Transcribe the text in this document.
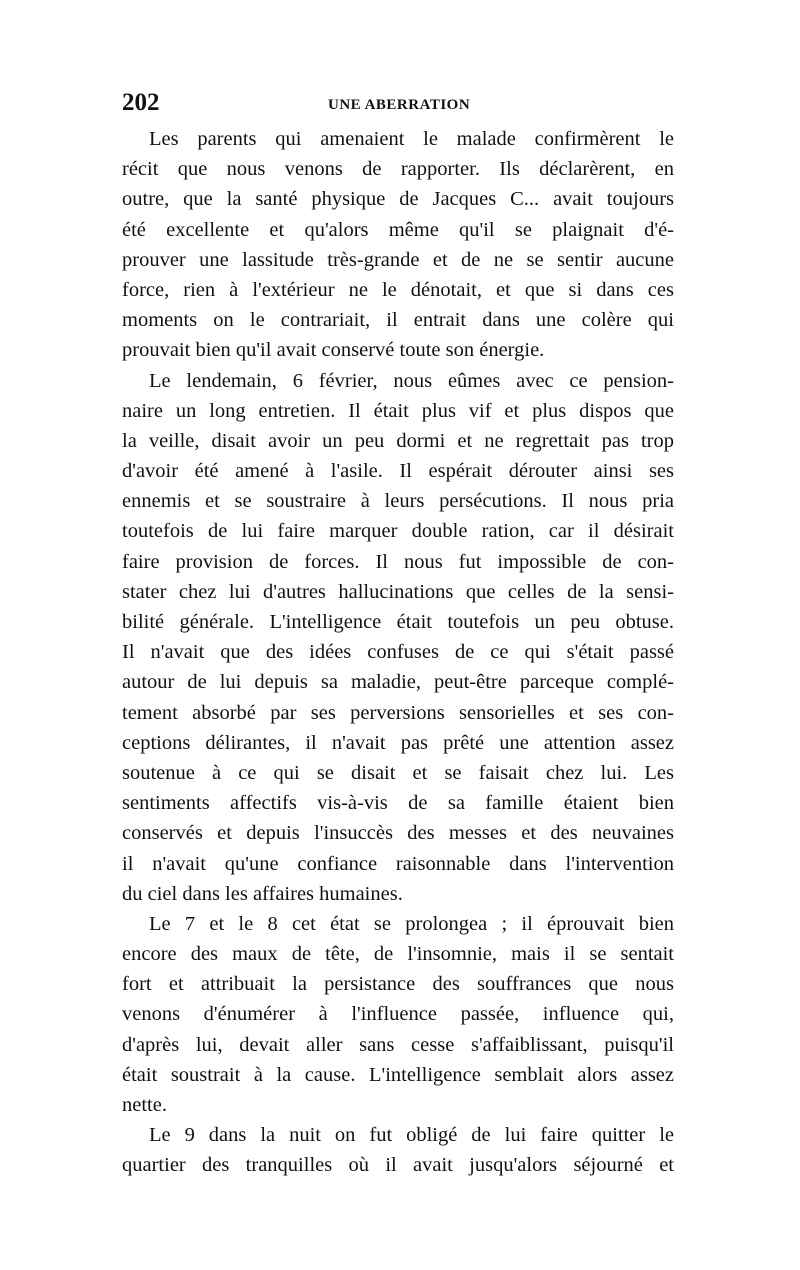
202	UNE ABERRATION

Les parents qui amenaient le malade confirmèrent le
récit que nous venons de rapporter. Ils déclarèrent, en
outre, que la santé physique de Jacques C... avait toujours
été excellente et qu'alors même qu'il se plaignait d'é-
prouver une lassitude très-grande et de ne se sentir aucune
force, rien à l'extérieur ne le dénotait, et que si dans ces
moments on le contrariait, il entrait dans une colère qui
prouvait bien qu'il avait conservé toute son énergie.

Le lendemain, 6 février, nous eûmes avec ce pension-
naire un long entretien. Il était plus vif et plus dispos que
la veille, disait avoir un peu dormi et ne regrettait pas trop
d'avoir été amené à l'asile. Il espérait dérouter ainsi ses
ennemis et se soustraire à leurs persécutions. Il nous pria
toutefois de lui faire marquer double ration, car il désirait
faire provision de forces. Il nous fut impossible de con-
stater chez lui d'autres hallucinations que celles de la sensi-
bilité générale. L'intelligence était toutefois un peu obtuse.
Il n'avait que des idées confuses de ce qui s'était passé
autour de lui depuis sa maladie, peut-être parceque complé-
tement absorbé par ses perversions sensorielles et ses con-
ceptions délirantes, il n'avait pas prêté une attention assez
soutenue à ce qui se disait et se faisait chez lui. Les
sentiments affectifs vis-à-vis de sa famille étaient bien
conservés et depuis l'insuccès des messes et des neuvaines
il n'avait qu'une confiance raisonnable dans l'intervention
du ciel dans les affaires humaines.

Le 7 et le 8 cet état se prolongea ; il éprouvait bien
encore des maux de tête, de l'insomnie, mais il se sentait
fort et attribuait la persistance des souffrances que nous
venons d'énumérer à l'influence passée, influence qui,
d'après lui, devait aller sans cesse s'affaiblissant, puisqu'il
était soustrait à la cause. L'intelligence semblait alors assez
nette.

Le 9 dans la nuit on fut obligé de lui faire quitter le
quartier des tranquilles où il avait jusqu'alors séjourné et
